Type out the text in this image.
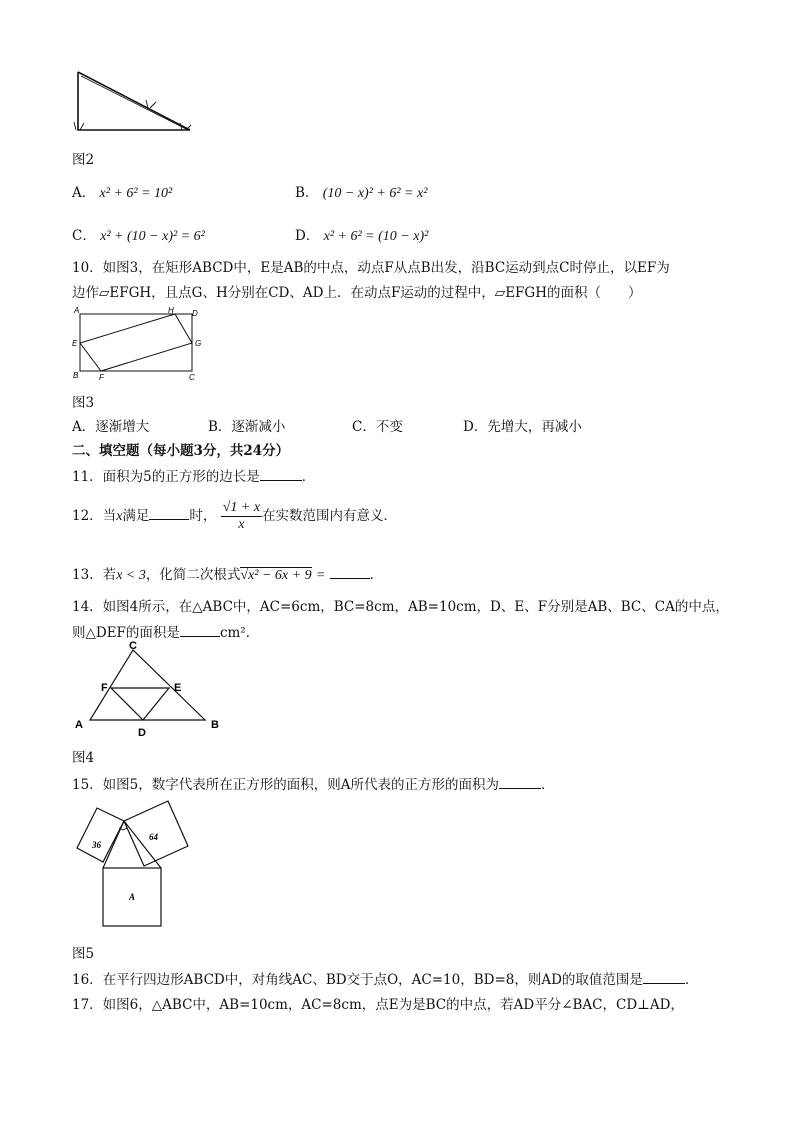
图2
A． x² + 6² = 10²	B． (10 − x)² + 6² = x²
C． x² + (10 − x)² = 6²	D． x² + 6² = (10 − x)²
10．如图3，在矩形ABCD中，E是AB的中点，动点F从点B出发，沿BC运动到点C时停止，以EF为
边作▱EFGH，且点G、H分别在CD、AD上．在动点F运动的过程中，▱EFGH的面积（　　）
A	H D
E	G
B	F	C
图3
A．逐渐增大	B．逐渐减小	C．不变	D．先增大，再减小
二、填空题（每小题3分，共24分）
11．面积为5的正方形的边长是	．
12．当x满足	时， $\frac{√1 + x}{x}$ 在实数范围内有意义．
13．若x < 3，化简二次根式√x² − 6x + 9 =	．
14．如图4所示，在△ABC中，AC=6cm，BC=8cm，AB=10cm，D、E、F分别是AB、BC、CA的中点，
则△DEF的面积是	cm²．
C
F	E
A
D
B
图4
15．如图5，数字代表所在正方形的面积，则A所代表的正方形的面积为	．
36
64
A
图5
16．在平行四边形ABCD中，对角线AC、BD交于点O，AC=10，BD=8，则AD的取值范围是	．
17．如图6，△ABC中，AB=10cm，AC=8cm，点E为是BC的中点，若AD平分∠BAC，CD⊥AD，
